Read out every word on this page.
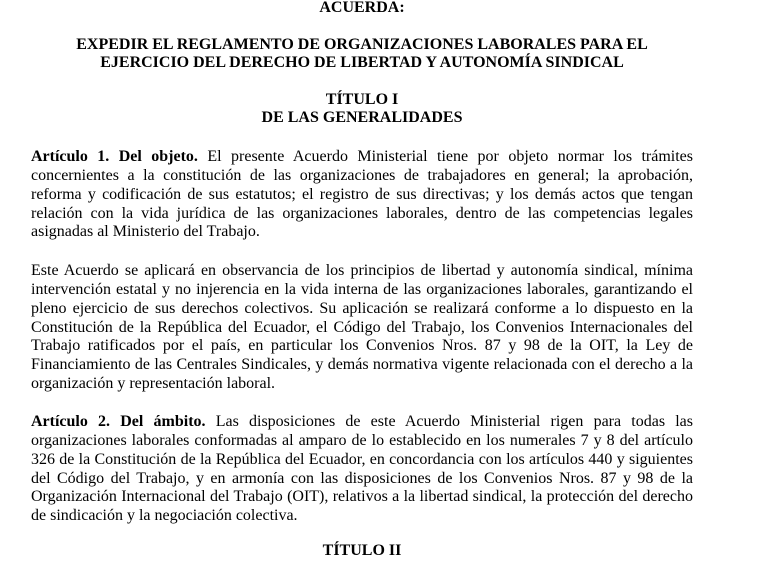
ACUERDA:
EXPEDIR EL REGLAMENTO DE ORGANIZACIONES LABORALES PARA EL
EJERCICIO DEL DERECHO DE LIBERTAD Y AUTONOMÍA SINDICAL
TÍTULO I
DE LAS GENERALIDADES
Artículo 1. Del objeto. El presente Acuerdo Ministerial tiene por objeto normar los trámites
concernientes a la constitución de las organizaciones de trabajadores en general; la aprobación,
reforma y codificación de sus estatutos; el registro de sus directivas; y los demás actos que tengan
relación con la vida jurídica de las organizaciones laborales, dentro de las competencias legales
asignadas al Ministerio del Trabajo.
Este Acuerdo se aplicará en observancia de los principios de libertad y autonomía sindical, mínima
intervención estatal y no injerencia en la vida interna de las organizaciones laborales, garantizando el
pleno ejercicio de sus derechos colectivos. Su aplicación se realizará conforme a lo dispuesto en la
Constitución de la República del Ecuador, el Código del Trabajo, los Convenios Internacionales del
Trabajo ratificados por el país, en particular los Convenios Nros. 87 y 98 de la OIT, la Ley de
Financiamiento de las Centrales Sindicales, y demás normativa vigente relacionada con el derecho a la
organización y representación laboral.
Artículo 2. Del ámbito. Las disposiciones de este Acuerdo Ministerial rigen para todas las
organizaciones laborales conformadas al amparo de lo establecido en los numerales 7 y 8 del artículo
326 de la Constitución de la República del Ecuador, en concordancia con los artículos 440 y siguientes
del Código del Trabajo, y en armonía con las disposiciones de los Convenios Nros. 87 y 98 de la
Organización Internacional del Trabajo (OIT), relativos a la libertad sindical, la protección del derecho
de sindicación y la negociación colectiva.
TÍTULO II
